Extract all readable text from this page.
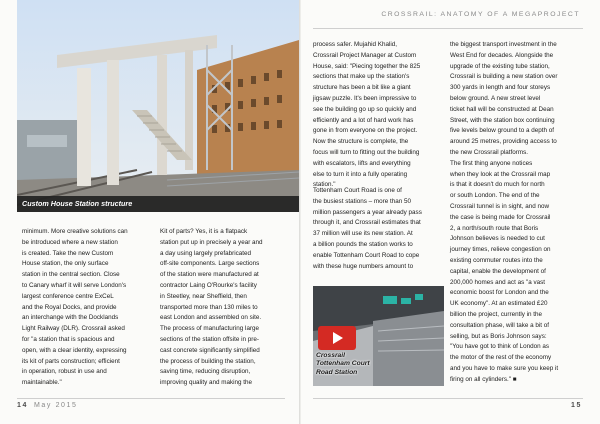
CROSSRAIL: ANATOMY OF A MEGAPROJECT
Custom House Station structure
minimum. More creative solutions can
be introduced where a new station
is created. Take the new Custom
House station, the only surface
station in the central section. Close
to Canary wharf it will serve London's
largest conference centre ExCeL
and the Royal Docks, and provide
an interchange with the Docklands
Light Railway (DLR). Crossrail asked
for "a station that is spacious and
open, with a clear identity, expressing
its kit of parts construction; efficient
in operation, robust in use and
maintainable."
Kit of parts? Yes, it is a flatpack
station put up in precisely a year and
a day using largely prefabricated
off-site components. Large sections
of the station were manufactured at
contractor Laing O'Rourke's facility
in Steetley, near Sheffield, then
transported more than 130 miles to
east London and assembled on site.
The process of manufacturing large
sections of the station offsite in pre-
cast concrete significantly simplified
the process of building the station,
saving time, reducing disruption,
improving quality and making the
process safer. Mujahid Khalid,
Crossrail Project Manager at Custom
House, said: "Piecing together the 825
sections that make up the station's
structure has been a bit like a giant
jigsaw puzzle. It's been impressive to
see the building go up so quickly and
efficiently and a lot of hard work has
gone in from everyone on the project.
Now the structure is complete, the
focus will turn to fitting out the building
with escalators, lifts and everything
else to turn it into a fully operating
station."
Tottenham Court Road is one of
the busiest stations – more than 50
million passengers a year already pass
through it, and Crossrail estimates that
37 million will use its new station. At
a billion pounds the station works to
enable Tottenham Court Road to cope
with these huge numbers amount to
the biggest transport investment in the
West End for decades. Alongside the
upgrade of the existing tube station,
Crossrail is building a new station over
300 yards in length and four storeys
below ground. A new street level
ticket hall will be constructed at Dean
Street, with the station box continuing
five levels below ground to a depth of
around 25 metres, providing access to
the new Crossrail platforms.
The first thing anyone notices
when they look at the Crossrail map
is that it doesn't do much for north
or south London. The end of the
Crossrail tunnel is in sight, and now
the case is being made for Crossrail
2, a north/south route that Boris
Johnson believes is needed to cut
journey times, relieve congestion on
existing commuter routes into the
capital, enable the development of
200,000 homes and act as "a vast
economic boost for London and the
UK economy". At an estimated £20
billion the project, currently in the
consultation phase, will take a bit of
selling, but as Boris Johnson says:
"You have got to think of London as
the motor of the rest of the economy
and you have to make sure you keep it
firing on all cylinders." ■
Crossrail
Tottenham Court
Road Station
14 May 2015	15
